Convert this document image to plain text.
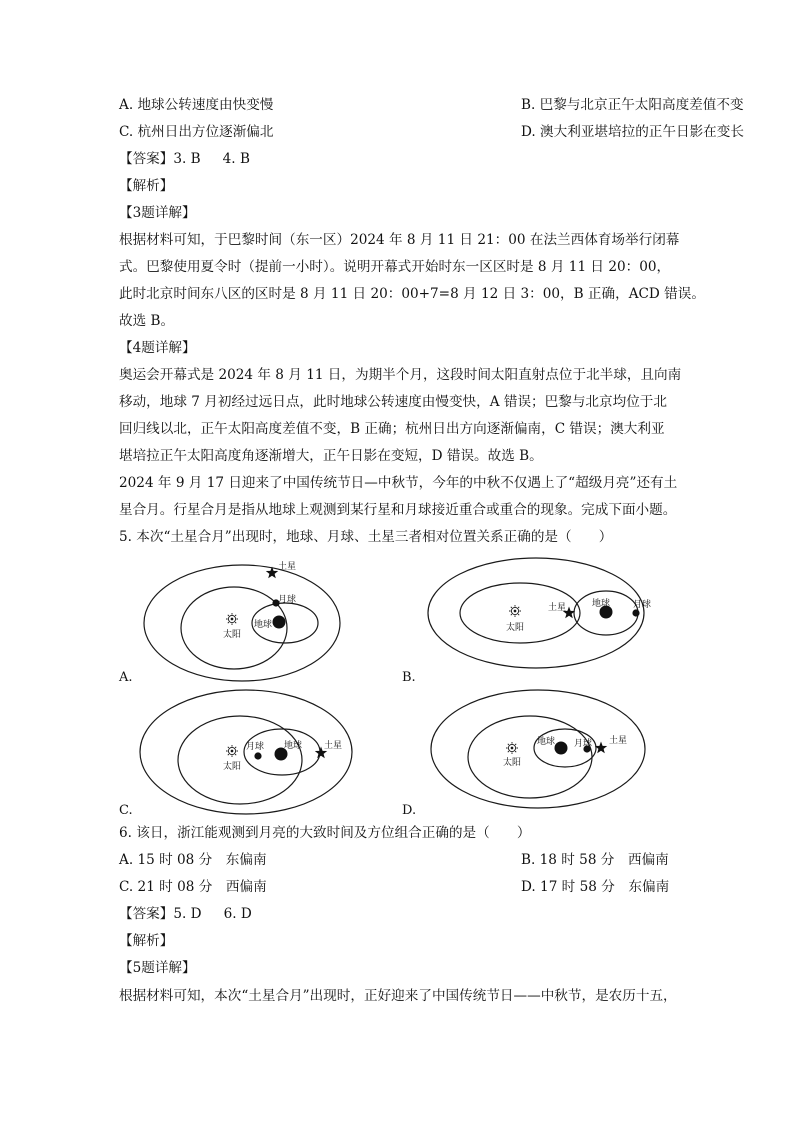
A. 地球公转速度由快变慢	B. 巴黎与北京正午太阳高度差值不变
C. 杭州日出方位逐渐偏北	D. 澳大利亚堪培拉的正午日影在变长
【答案】3. B 4. B
【解析】
【3题详解】
根据材料可知，于巴黎时间（东一区）2024 年 8 月 11 日 21：00 在法兰西体育场举行闭幕
式。巴黎使用夏令时（提前一小时）。说明开幕式开始时东一区区时是 8 月 11 日 20：00，
此时北京时间东八区的区时是 8 月 11 日 20：00+7=8 月 12 日 3：00，B 正确，ACD 错误。
故选 B。
【4题详解】
奥运会开幕式是 2024 年 8 月 11 日，为期半个月，这段时间太阳直射点位于北半球，且向南
移动，地球 7 月初经过远日点，此时地球公转速度由慢变快，A 错误；巴黎与北京均位于北
回归线以北，正午太阳高度差值不变，B 正确；杭州日出方向逐渐偏南，C 错误；澳大利亚
堪培拉正午太阳高度角逐渐增大，正午日影在变短，D 错误。故选 B。
2024 年 9 月 17 日迎来了中国传统节日—中秋节，今年的中秋不仅遇上了“超级月亮”还有土
星合月。行星合月是指从地球上观测到某行星和月球接近重合或重合的现象。完成下面小题。
5. 本次“土星合月”出现时，地球、月球、土星三者相对位置关系正确的是（　　）
土星
月球
地球
太阳
土星	地球	月球
太阳
月球 地球 土星
太阳
地球 月球 土星
太阳
A.	B.
C.	D.
6. 该日，浙江能观测到月亮的大致时间及方位组合正确的是（　　）
A. 15 时 08 分　东偏南	B. 18 时 58 分　西偏南
C. 21 时 08 分　西偏南	D. 17 时 58 分　东偏南
【答案】5. D 6. D
【解析】
【5题详解】
根据材料可知，本次“土星合月”出现时，正好迎来了中国传统节日——中秋节，是农历十五，
